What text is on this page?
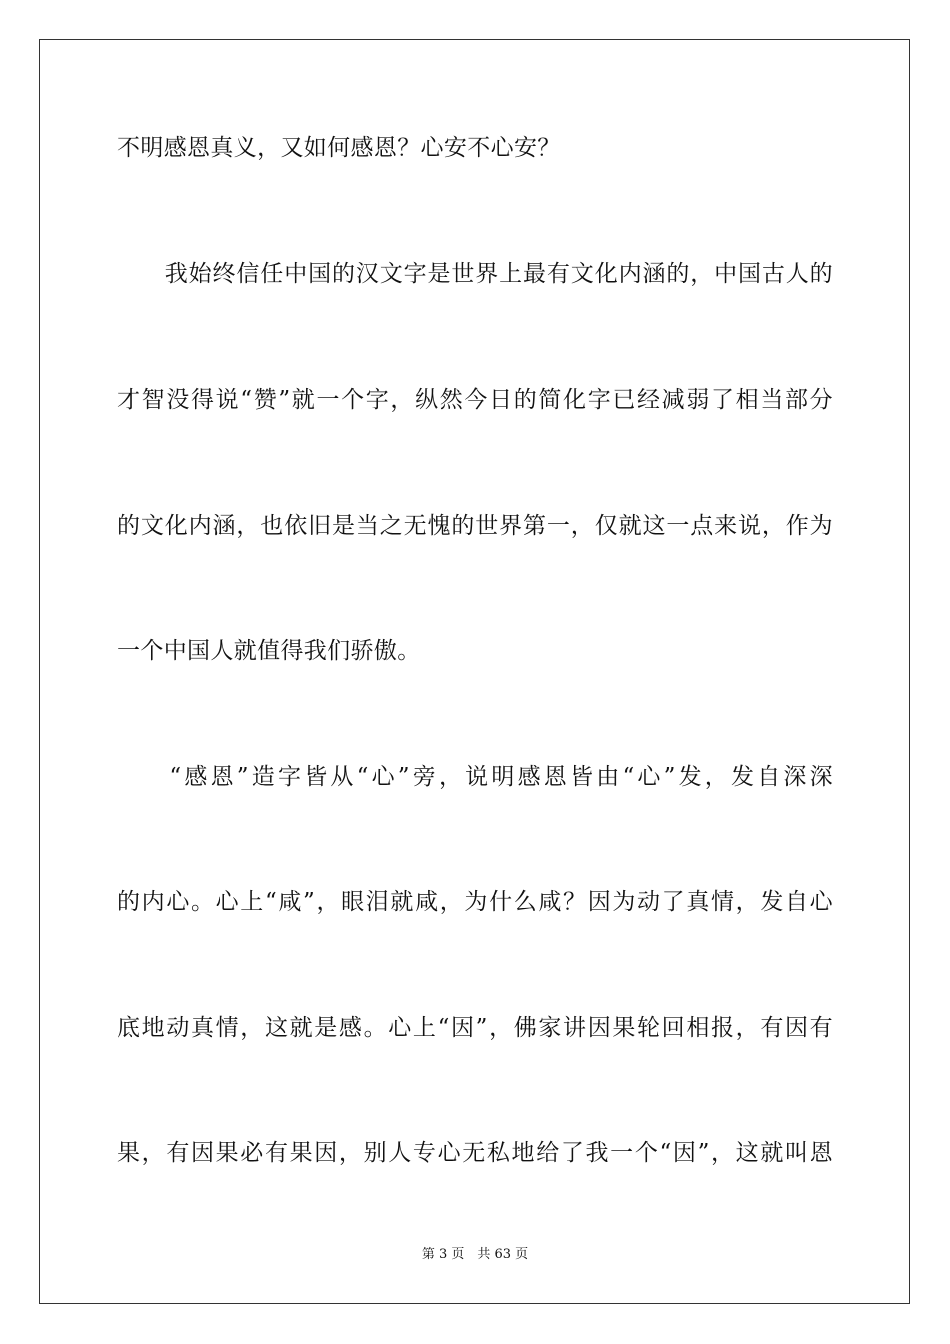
不明感恩真义，又如何感恩？心安不心安？
　　我始终信任中国的汉文字是世界上最有文化内涵的，中国古人的
才智没得说“赞”就一个字，纵然今日的简化字已经减弱了相当部分
的文化内涵，也依旧是当之无愧的世界第一，仅就这一点来说，作为
一个中国人就值得我们骄傲。
　　“感恩”造字皆从“心”旁，说明感恩皆由“心”发，发自深深
的内心。心上“咸”，眼泪就咸，为什么咸？因为动了真情，发自心
底地动真情，这就是感。心上“因”，佛家讲因果轮回相报，有因有
果，有因果必有果因，别人专心无私地给了我一个“因”，这就叫恩
第 3 页　共 63 页
